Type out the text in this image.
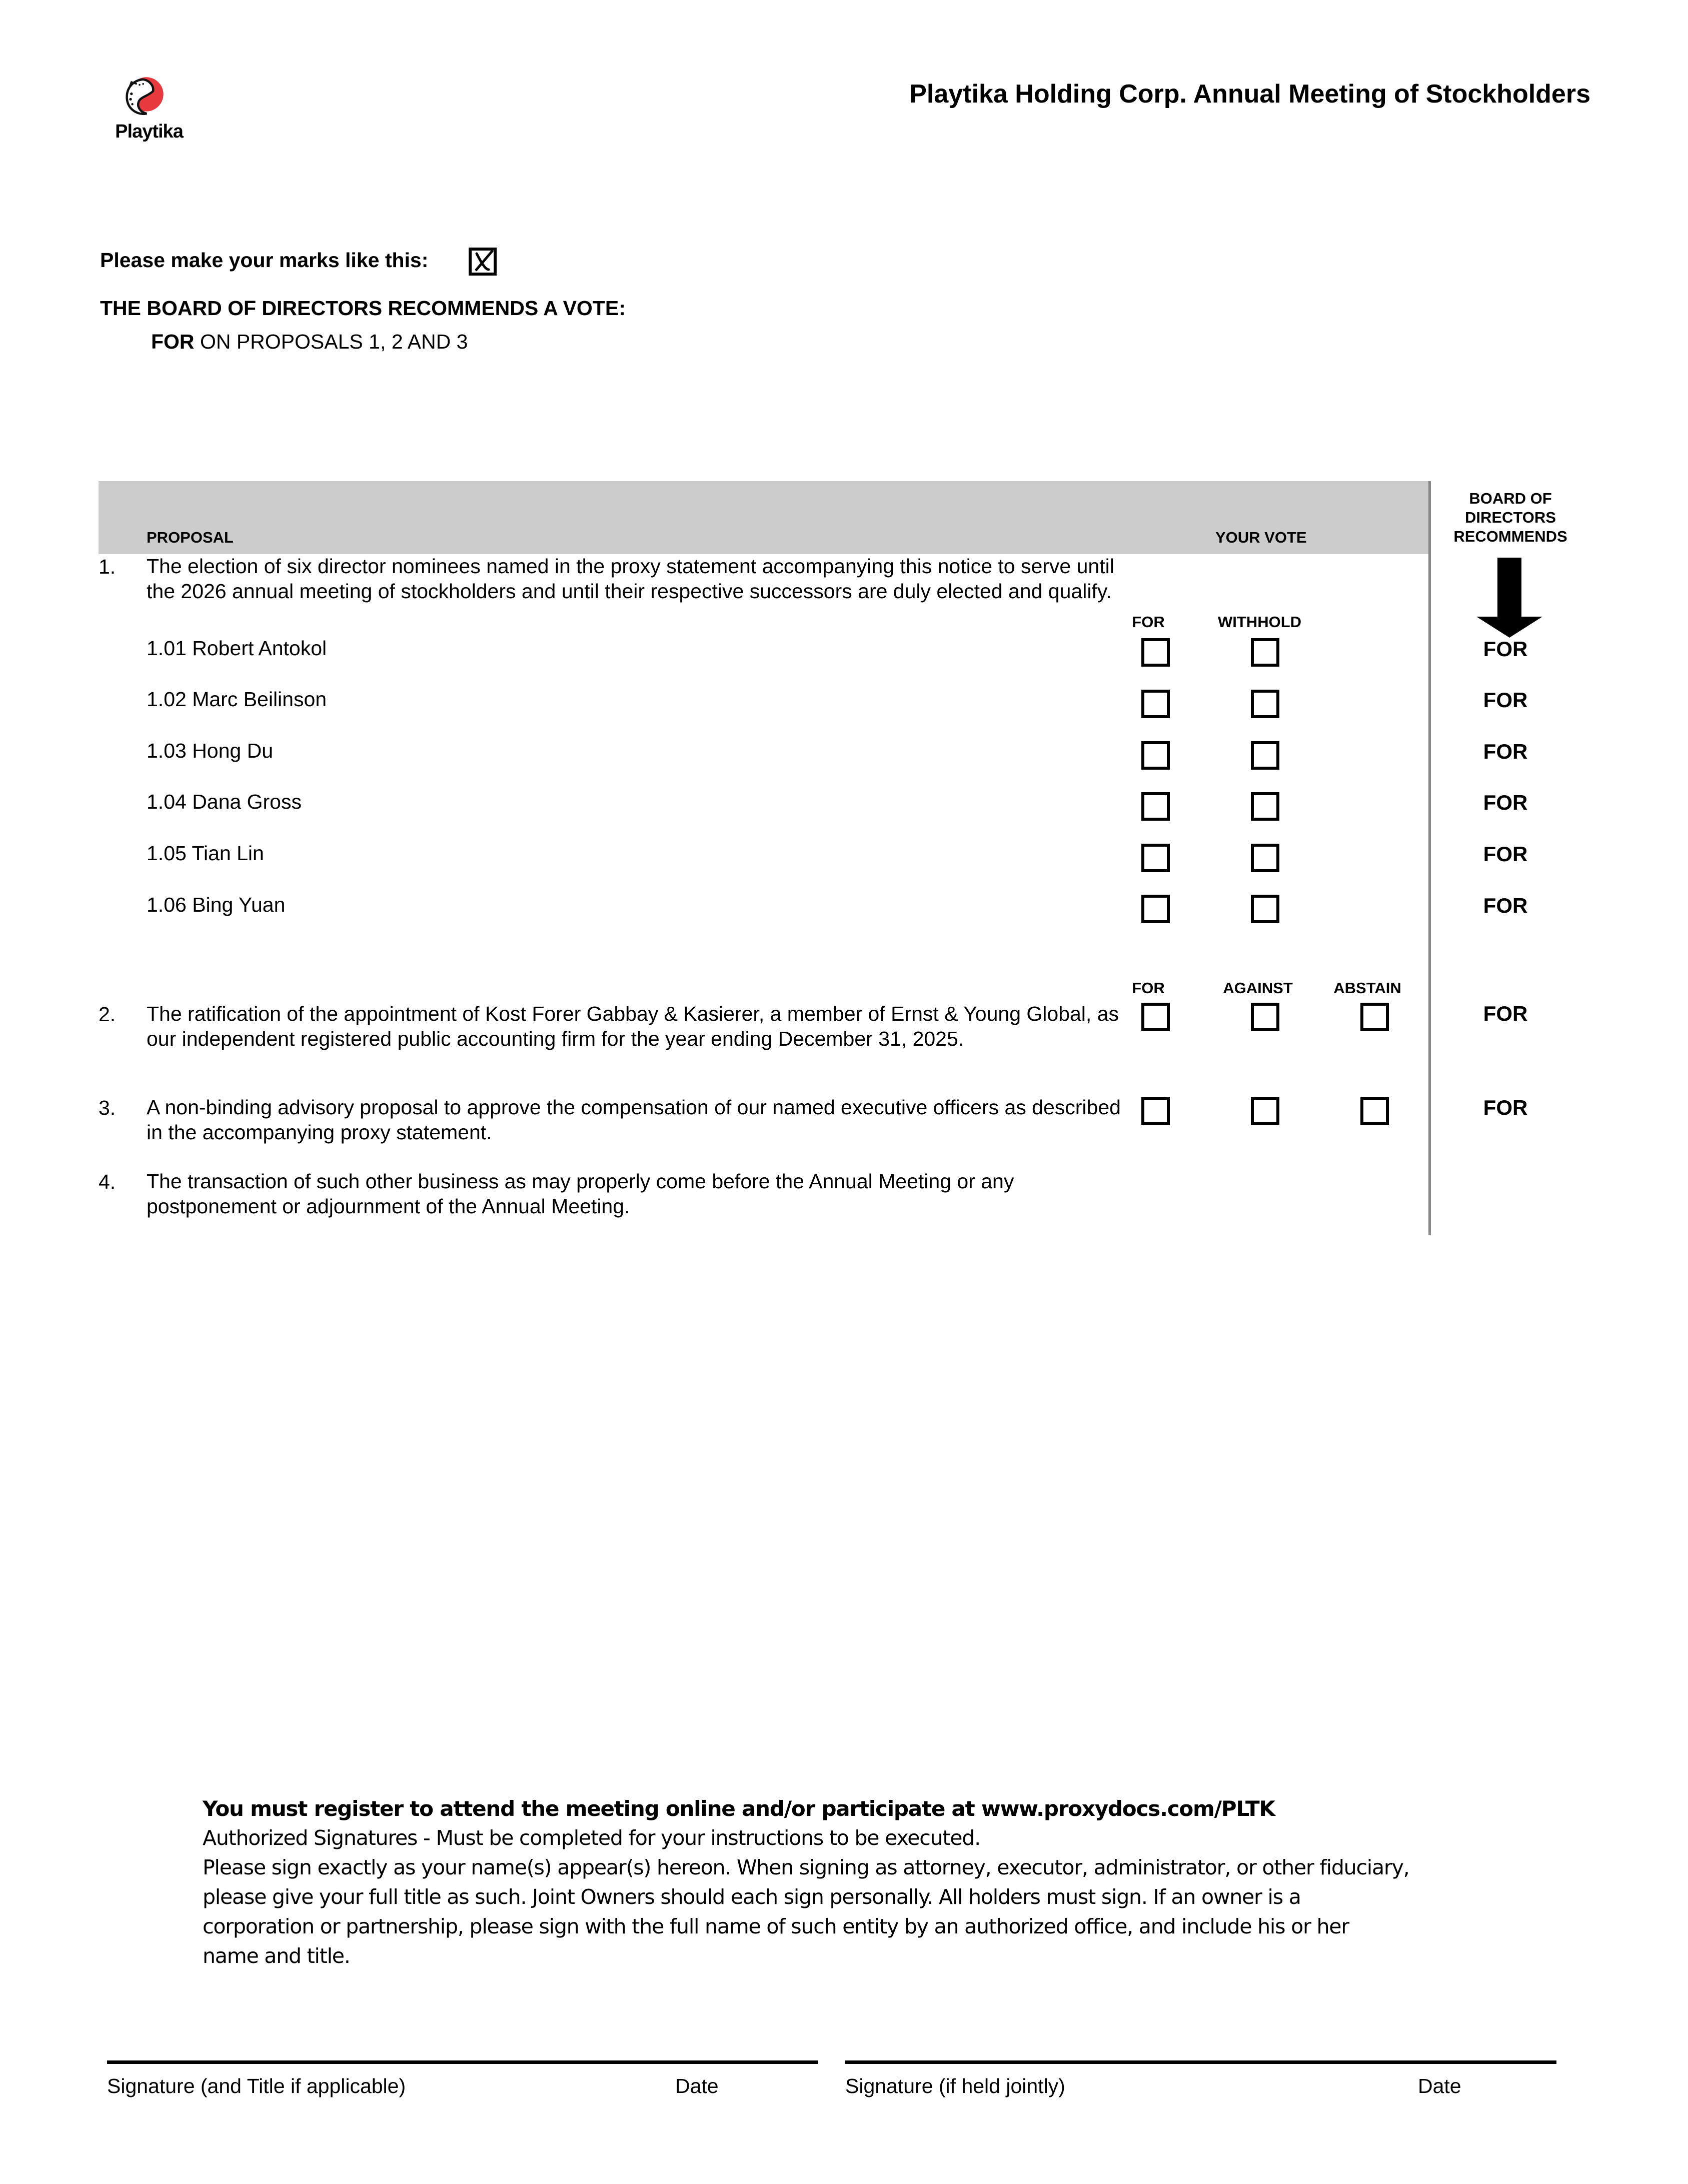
Playtika
Playtika Holding Corp. Annual Meeting of Stockholders
Please make your marks like this:
THE BOARD OF DIRECTORS RECOMMENDS A VOTE:
FOR ON PROPOSALS 1, 2 AND 3
PROPOSAL	YOUR VOTE
BOARD OF DIRECTORS RECOMMENDS
1. The election of six director nominees named in the proxy statement accompanying this notice to serve until the 2026 annual meeting of stockholders and until their respective successors are duly elected and qualify.
FOR	WITHHOLD
1.01 Robert Antokol	FOR
1.02 Marc Beilinson	FOR
1.03 Hong Du	FOR
1.04 Dana Gross	FOR
1.05 Tian Lin	FOR
1.06 Bing Yuan	FOR
FOR	AGAINST	ABSTAIN
2. The ratification of the appointment of Kost Forer Gabbay & Kasierer, a member of Ernst & Young Global, as our independent registered public accounting firm for the year ending December 31, 2025.
FOR
3. A non-binding advisory proposal to approve the compensation of our named executive officers as described in the accompanying proxy statement.
FOR
4. The transaction of such other business as may properly come before the Annual Meeting or any postponement or adjournment of the Annual Meeting.
You must register to attend the meeting online and/or participate at www.proxydocs.com/PLTK
Authorized Signatures - Must be completed for your instructions to be executed.
Please sign exactly as your name(s) appear(s) hereon. When signing as attorney, executor, administrator, or other fiduciary,
please give your full title as such. Joint Owners should each sign personally. All holders must sign. If an owner is a
corporation or partnership, please sign with the full name of such entity by an authorized office, and include his or her
name and title.
Signature (and Title if applicable)	Date	Signature (if held jointly)	Date
